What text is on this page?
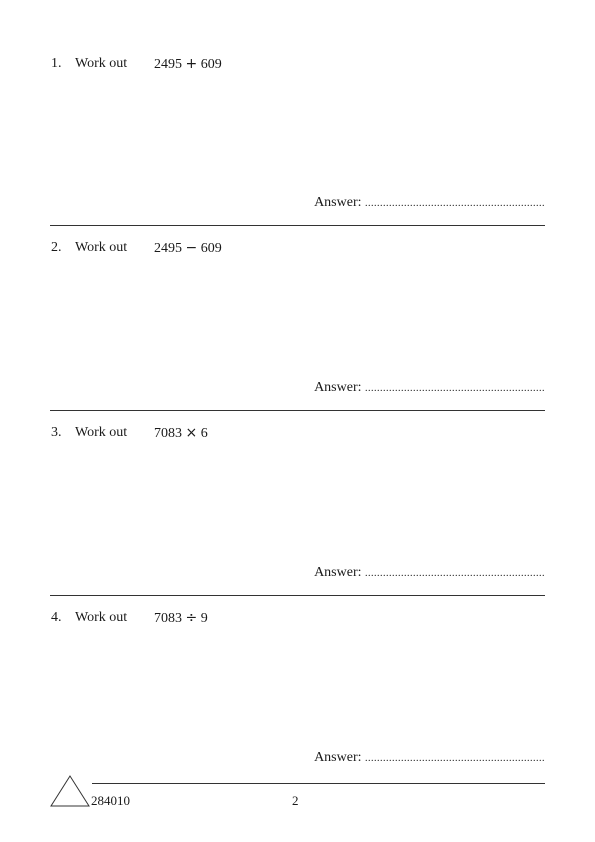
1. Work out 2495 + 609
Answer: ............................................................
2. Work out 2495 − 609
Answer: ............................................................
3. Work out 7083 × 6
Answer: ............................................................
4. Work out 7083 ÷ 9
Answer: ............................................................
284010	2
